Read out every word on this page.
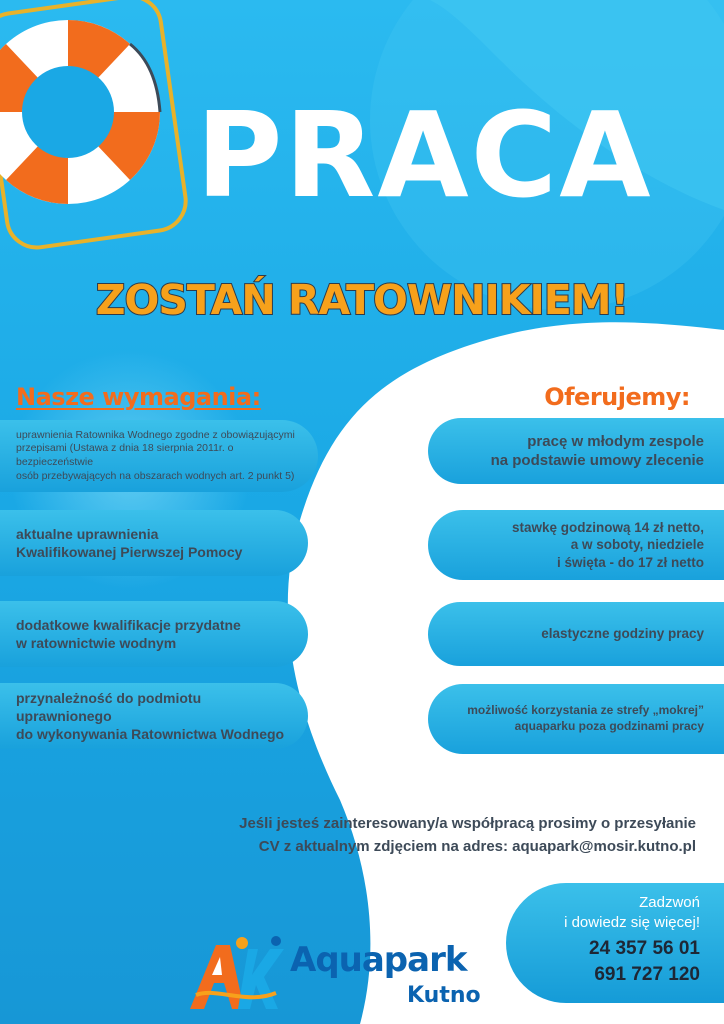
PRACA
ZOSTAŃ RATOWNIKIEM!
Nasze wymagania:	Oferujemy:
uprawnienia Ratownika Wodnego zgodne z obowiązującymi
przepisami (Ustawa z dnia 18 sierpnia 2011r. o bezpieczeństwie
osób przebywających na obszarach wodnych art. 2 punkt 5)
aktualne uprawnienia
Kwalifikowanej Pierwszej Pomocy
dodatkowe kwalifikacje przydatne
w ratownictwie wodnym
przynależność do podmiotu uprawnionego
do wykonywania Ratownictwa Wodnego
pracę w młodym zespole
na podstawie umowy zlecenie
stawkę godzinową 14 zł netto,
a w soboty, niedziele
i święta - do 17 zł netto
elastyczne godziny pracy
możliwość korzystania ze strefy „mokrej”
aquaparku poza godzinami pracy
Jeśli jesteś zainteresowany/a współpracą prosimy o przesyłanie
CV z aktualnym zdjęciem na adres: aquapark@mosir.kutno.pl
Zadzwoń
i dowiedz się więcej!
24 357 56 01
691 727 120
Aquapark
Kutno
